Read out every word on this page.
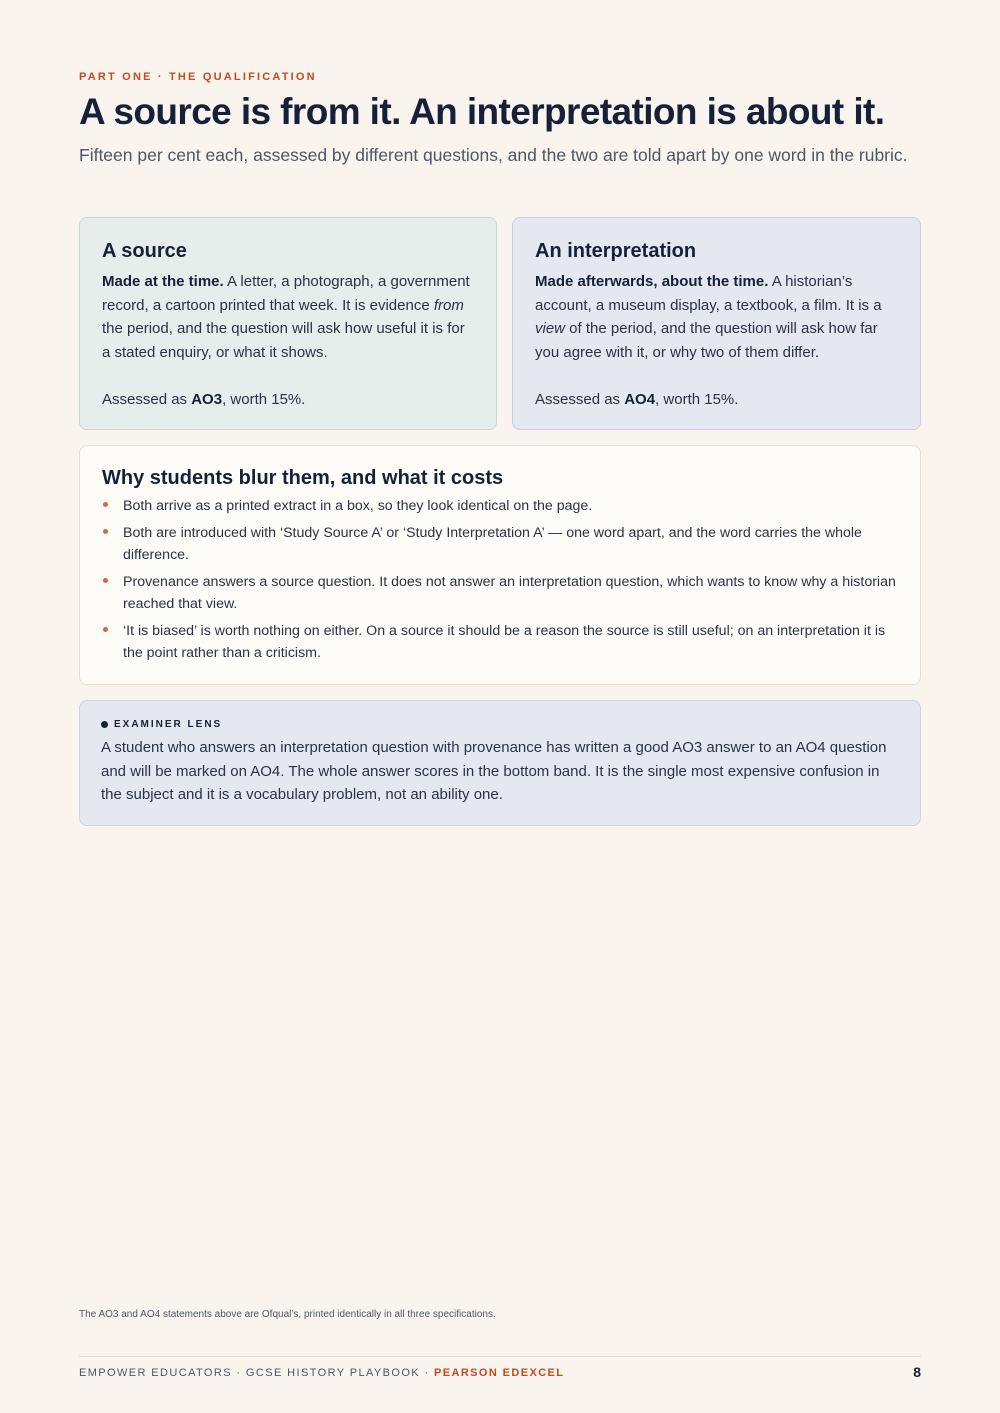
PART ONE · THE QUALIFICATION
A source is from it. An interpretation is about it.

Fifteen per cent each, assessed by different questions, and the two are told apart by one word in the rubric.

A source

Made at the time. A letter, a photograph, a government record, a cartoon printed that week. It is evidence from the period, and the question will ask how useful it is for a stated enquiry, or what it shows.

Assessed as AO3, worth 15%.

An interpretation

Made afterwards, about the time. A historian’s account, a museum display, a textbook, a film. It is a view of the period, and the question will ask how far you agree with it, or why two of them differ.

Assessed as AO4, worth 15%.

Why students blur them, and what it costs
Both arrive as a printed extract in a box, so they look identical on the page.
Both are introduced with ‘Study Source A’ or ‘Study Interpretation A’ — one word apart, and the word carries the whole difference.
Provenance answers a source question. It does not answer an interpretation question, which wants to know why a historian reached that view.
‘It is biased’ is worth nothing on either. On a source it should be a reason the source is still useful; on an interpretation it is the point rather than a criticism.
EXAMINER LENS

A student who answers an interpretation question with provenance has written a good AO3 answer to an AO4 question and will be marked on AO4. The whole answer scores in the bottom band. It is the single most expensive confusion in the subject and it is a vocabulary problem, not an ability one.

The AO3 and AO4 statements above are Ofqual’s, printed identically in all three specifications.
EMPOWER EDUCATORS · GCSE HISTORY PLAYBOOK · PEARSON EDEXCEL	8
